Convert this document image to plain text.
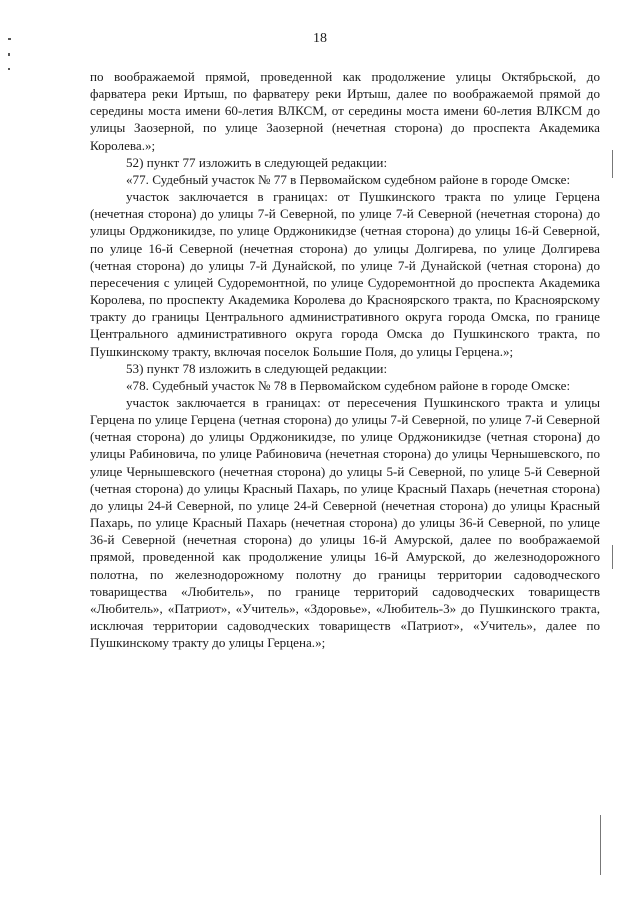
18

по воображаемой прямой, проведенной как продолжение улицы Октябрьской, до фарватера реки Иртыш, по фарватеру реки Иртыш, далее по воображаемой прямой до середины моста имени 60-летия ВЛКСМ, от середины моста имени 60-летия ВЛКСМ до улицы Заозерной, по улице Заозерной (нечетная сторона) до проспекта Академика Королева.»;

52) пункт 77 изложить в следующей редакции:

«77. Судебный участок № 77 в Первомайском судебном районе в городе Омске:

участок заключается в границах: от Пушкинского тракта по улице Герцена (нечетная сторона) до улицы 7-й Северной, по улице 7-й Северной (нечетная сторона) до улицы Орджоникидзе, по улице Орджоникидзе (четная сторона) до улицы 16-й Северной, по улице 16-й Северной (нечетная сторона) до улицы Долгирева, по улице Долгирева (четная сторона) до улицы 7-й Дунайской, по улице 7-й Дунайской (четная сторона) до пересечения с улицей Судоремонтной, по улице Судоремонтной до проспекта Академика Королева, по проспекту Академика Королева до Красноярского тракта, по Красноярскому тракту до границы Центрального административного округа города Омска, по границе Центрального административного округа города Омска до Пушкинского тракта, по Пушкинскому тракту, включая поселок Большие Поля, до улицы Герцена.»;

53) пункт 78 изложить в следующей редакции:

«78. Судебный участок № 78 в Первомайском судебном районе в городе Омске:

участок заключается в границах: от пересечения Пушкинского тракта и улицы Герцена по улице Герцена (четная сторона) до улицы 7-й Северной, по улице 7-й Северной (четная сторона) до улицы Орджоникидзе, по улице Орджоникидзе (четная сторона) до улицы Рабиновича, по улице Рабиновича (нечетная сторона) до улицы Чернышевского, по улице Чернышевского (нечетная сторона) до улицы 5-й Северной, по улице 5-й Северной (четная сторона) до улицы Красный Пахарь, по улице Красный Пахарь (нечетная сторона) до улицы 24-й Северной, по улице 24-й Северной (нечетная сторона) до улицы Красный Пахарь, по улице Красный Пахарь (нечетная сторона) до улицы 36-й Северной, по улице 36-й Северной (нечетная сторона) до улицы 16-й Амурской, далее по воображаемой прямой, проведенной как продолжение улицы 16-й Амурской, до железнодорожного полотна, по железнодорожному полотну до границы территории садоводческого товарищества «Любитель», по границе территорий садоводческих товариществ «Любитель», «Патриот», «Учитель», «Здоровье», «Любитель-3» до Пушкинского тракта, исключая территории садоводческих товариществ «Патриот», «Учитель», далее по Пушкинскому тракту до улицы Герцена.»;
